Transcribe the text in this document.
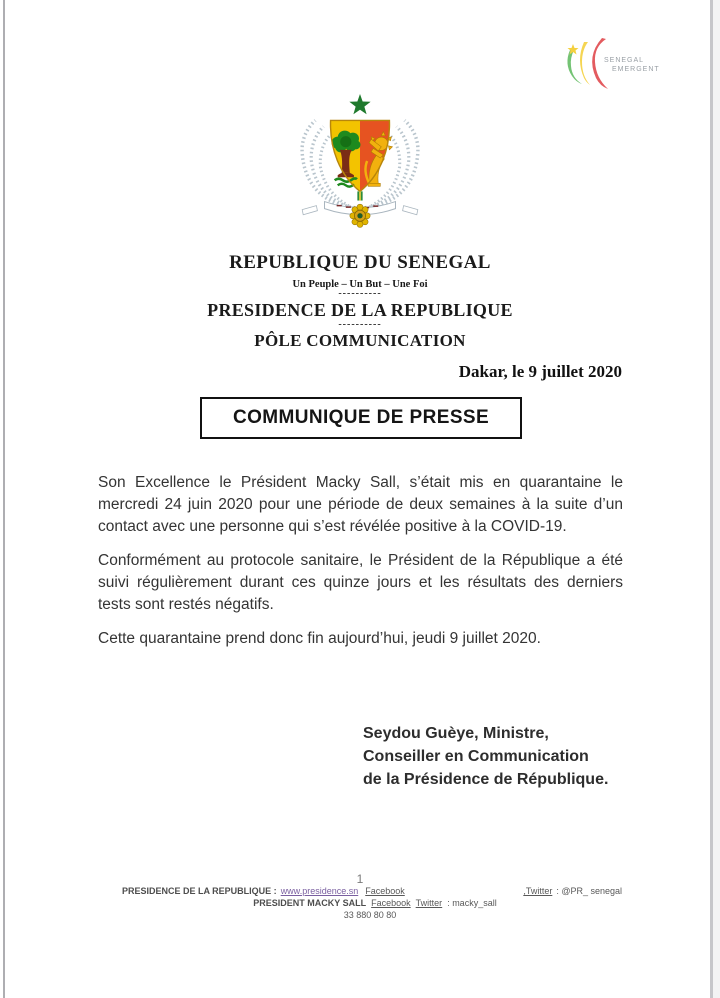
SENEGAL
EMERGENT
REPUBLIQUE DU SENEGAL
Un Peuple – Un But – Une Foi
----------
PRESIDENCE DE LA REPUBLIQUE
----------
PÔLE COMMUNICATION
Dakar, le 9 juillet 2020
COMMUNIQUE DE PRESSE

Son Excellence le Président Macky Sall, s’était mis en quarantaine le mercredi 24 juin 2020 pour une période de deux semaines à la suite d’un contact avec une personne qui s’est révélée positive à la COVID-19.

Conformément au protocole sanitaire, le Président de la République a été suivi régulièrement durant ces quinze jours et les résultats des derniers tests sont restés négatifs.

Cette quarantaine prend donc fin aujourd’hui, jeudi 9 juillet 2020.

Seydou Guèye, Ministre,
Conseiller en Communication
de la Présidence de République.
1
PRESIDENCE DE LA REPUBLIQUE : www.presidence.sn Facebook	,Twitter : @PR_ senegal
PRESIDENT MACKY SALL Facebook Twitter : macky_sall
33 880 80 80
